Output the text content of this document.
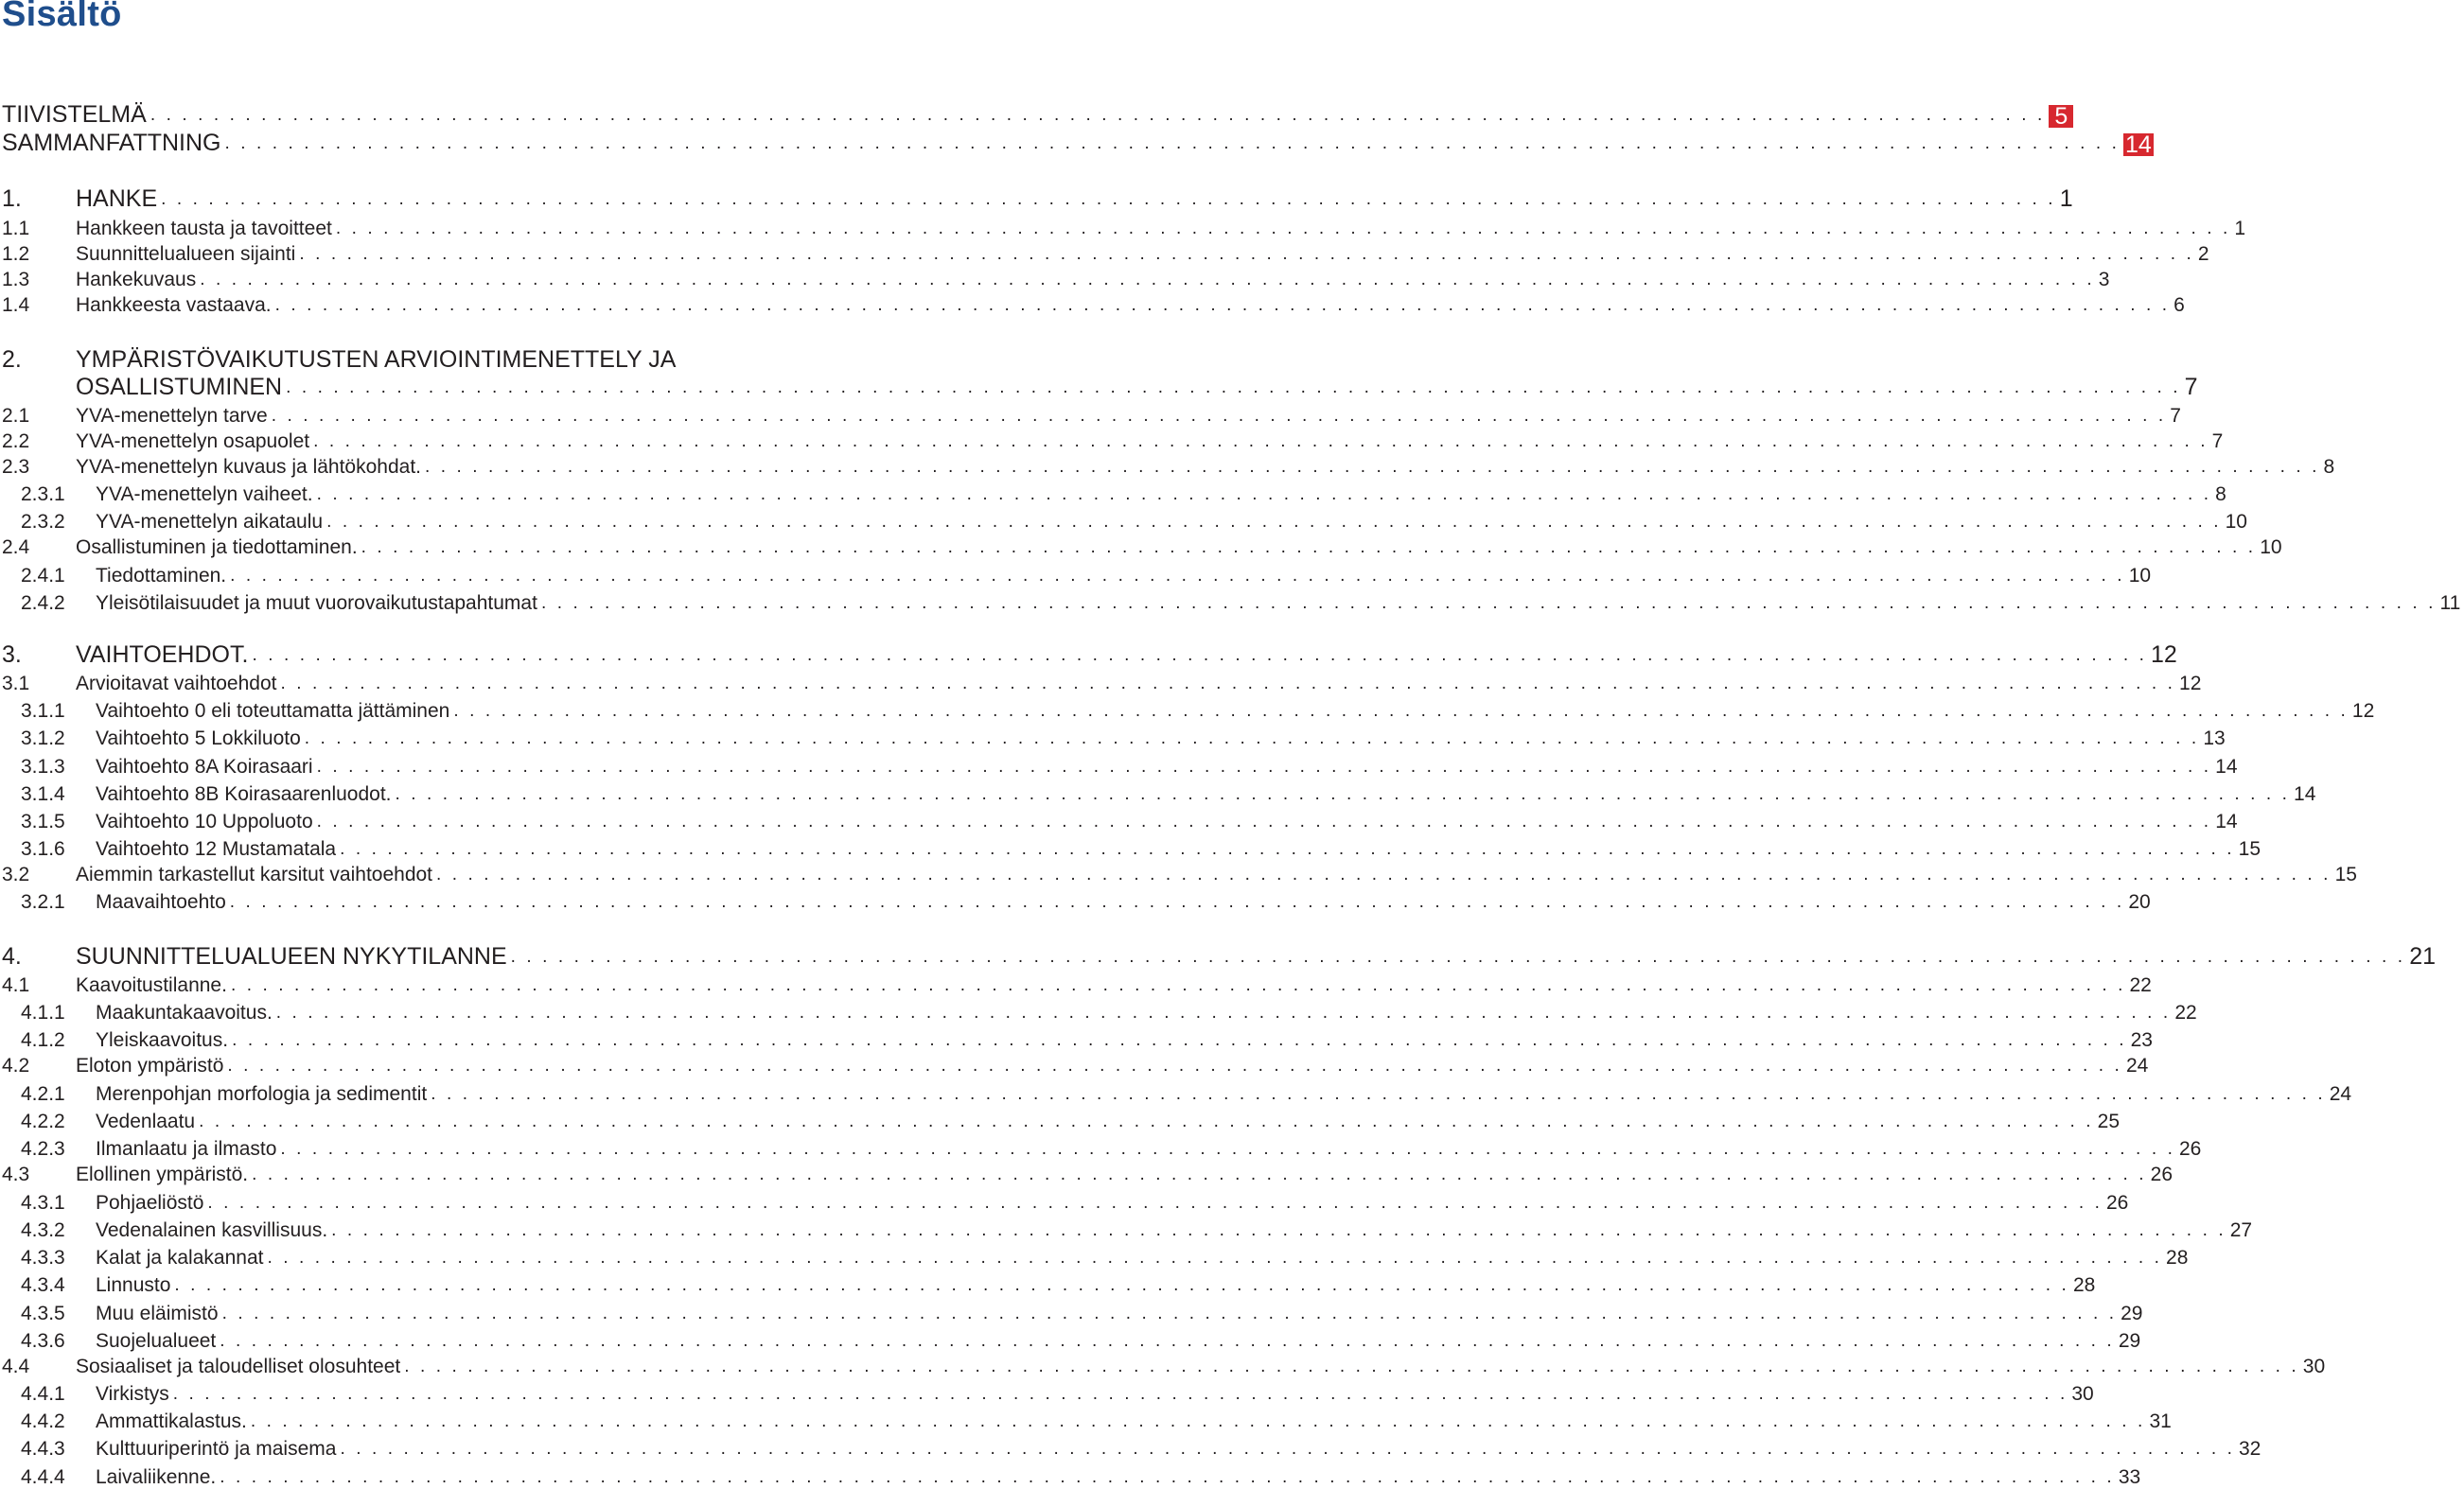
Sisältö
TIIVISTELMÄ . . . . . . . . . . . . . . . . . . . . . . . . . . . . . . . . . . . . . . . . . . . . . . . . . . . . . . . . . . . . . . . . . . . . . . . . . . . . . . . . . . . . . . . . . . . . . . . . . . . . . . . . . . . . . . . . . . . . . . . . 5
SAMMANFATTNING . . . . . . . . . . . . . . . . . . . . . . . . . . . . . . . . . . . . . . . . . . . . . . . . . . . . . . . . . . . . . . . . . . . . . . . . . . . . . . . . . . . . . . . . . . . . . . . . . . . . . . . . . . . . . . . . . . . . . . . . 14
1.	HANKE . . . . . . . . . . . . . . . . . . . . . . . . . . . . . . . . . . . . . . . . . . . . . . . . . . . . . . . . . . . . . . . . . . . . . . . . . . . . . . . . . . . . . . . . . . . . . . . . . . . . . . . . . . . . . . . . . . . . . . . . 1
1.1	Hankkeen tausta ja tavoitteet . . . . . . . . . . . . . . . . . . . . . . . . . . . . . . . . . . . . . . . . . . . . . . . . . . . . . . . . . . . . . . . . . . . . . . . . . . . . . . . . . . . . . . . . . . . . . . . . . . . . . . . . . . . . . . . . . . . . . . . . 1
1.2	Suunnittelualueen sijainti . . . . . . . . . . . . . . . . . . . . . . . . . . . . . . . . . . . . . . . . . . . . . . . . . . . . . . . . . . . . . . . . . . . . . . . . . . . . . . . . . . . . . . . . . . . . . . . . . . . . . . . . . . . . . . . . . . . . . . . . 2
1.3	Hankekuvaus . . . . . . . . . . . . . . . . . . . . . . . . . . . . . . . . . . . . . . . . . . . . . . . . . . . . . . . . . . . . . . . . . . . . . . . . . . . . . . . . . . . . . . . . . . . . . . . . . . . . . . . . . . . . . . . . . . . . . . . . 3
1.4	Hankkeesta vastaava. . . . . . . . . . . . . . . . . . . . . . . . . . . . . . . . . . . . . . . . . . . . . . . . . . . . . . . . . . . . . . . . . . . . . . . . . . . . . . . . . . . . . . . . . . . . . . . . . . . . . . . . . . . . . . . . . . . . . . . . . 6
2.	YMPÄRISTÖVAIKUTUSTEN ARVIOINTIMENETTELY JA
OSALLISTUMINEN . . . . . . . . . . . . . . . . . . . . . . . . . . . . . . . . . . . . . . . . . . . . . . . . . . . . . . . . . . . . . . . . . . . . . . . . . . . . . . . . . . . . . . . . . . . . . . . . . . . . . . . . . . . . . . . . . . . . . . . . 7
2.1	YVA-menettelyn tarve . . . . . . . . . . . . . . . . . . . . . . . . . . . . . . . . . . . . . . . . . . . . . . . . . . . . . . . . . . . . . . . . . . . . . . . . . . . . . . . . . . . . . . . . . . . . . . . . . . . . . . . . . . . . . . . . . . . . . . . . 7
2.2	YVA-menettelyn osapuolet . . . . . . . . . . . . . . . . . . . . . . . . . . . . . . . . . . . . . . . . . . . . . . . . . . . . . . . . . . . . . . . . . . . . . . . . . . . . . . . . . . . . . . . . . . . . . . . . . . . . . . . . . . . . . . . . . . . . . . . . 7
2.3	YVA-menettelyn kuvaus ja lähtökohdat. . . . . . . . . . . . . . . . . . . . . . . . . . . . . . . . . . . . . . . . . . . . . . . . . . . . . . . . . . . . . . . . . . . . . . . . . . . . . . . . . . . . . . . . . . . . . . . . . . . . . . . . . . . . . . . . . . . . . . . . . 8
2.3.1	YVA-menettelyn vaiheet. . . . . . . . . . . . . . . . . . . . . . . . . . . . . . . . . . . . . . . . . . . . . . . . . . . . . . . . . . . . . . . . . . . . . . . . . . . . . . . . . . . . . . . . . . . . . . . . . . . . . . . . . . . . . . . . . . . . . . . . . 8
2.3.2	YVA-menettelyn aikataulu . . . . . . . . . . . . . . . . . . . . . . . . . . . . . . . . . . . . . . . . . . . . . . . . . . . . . . . . . . . . . . . . . . . . . . . . . . . . . . . . . . . . . . . . . . . . . . . . . . . . . . . . . . . . . . . . . . . . . . . . 10
2.4	Osallistuminen ja tiedottaminen. . . . . . . . . . . . . . . . . . . . . . . . . . . . . . . . . . . . . . . . . . . . . . . . . . . . . . . . . . . . . . . . . . . . . . . . . . . . . . . . . . . . . . . . . . . . . . . . . . . . . . . . . . . . . . . . . . . . . . . . . 10
2.4.1	Tiedottaminen. . . . . . . . . . . . . . . . . . . . . . . . . . . . . . . . . . . . . . . . . . . . . . . . . . . . . . . . . . . . . . . . . . . . . . . . . . . . . . . . . . . . . . . . . . . . . . . . . . . . . . . . . . . . . . . . . . . . . . . . . 10
2.4.2	Yleisötilaisuudet ja muut vuorovaikutustapahtumat . . . . . . . . . . . . . . . . . . . . . . . . . . . . . . . . . . . . . . . . . . . . . . . . . . . . . . . . . . . . . . . . . . . . . . . . . . . . . . . . . . . . . . . . . . . . . . . . . . . . . . . . . . . . . . . . . . . . . . . . 11
3.	VAIHTOEHDOT. . . . . . . . . . . . . . . . . . . . . . . . . . . . . . . . . . . . . . . . . . . . . . . . . . . . . . . . . . . . . . . . . . . . . . . . . . . . . . . . . . . . . . . . . . . . . . . . . . . . . . . . . . . . . . . . . . . . . . . . . 12
3.1	Arvioitavat vaihtoehdot . . . . . . . . . . . . . . . . . . . . . . . . . . . . . . . . . . . . . . . . . . . . . . . . . . . . . . . . . . . . . . . . . . . . . . . . . . . . . . . . . . . . . . . . . . . . . . . . . . . . . . . . . . . . . . . . . . . . . . . . 12
3.1.1	Vaihtoehto 0 eli toteuttamatta jättäminen . . . . . . . . . . . . . . . . . . . . . . . . . . . . . . . . . . . . . . . . . . . . . . . . . . . . . . . . . . . . . . . . . . . . . . . . . . . . . . . . . . . . . . . . . . . . . . . . . . . . . . . . . . . . . . . . . . . . . . . . 12
3.1.2	Vaihtoehto 5 Lokkiluoto . . . . . . . . . . . . . . . . . . . . . . . . . . . . . . . . . . . . . . . . . . . . . . . . . . . . . . . . . . . . . . . . . . . . . . . . . . . . . . . . . . . . . . . . . . . . . . . . . . . . . . . . . . . . . . . . . . . . . . . . 13
3.1.3	Vaihtoehto 8A Koirasaari . . . . . . . . . . . . . . . . . . . . . . . . . . . . . . . . . . . . . . . . . . . . . . . . . . . . . . . . . . . . . . . . . . . . . . . . . . . . . . . . . . . . . . . . . . . . . . . . . . . . . . . . . . . . . . . . . . . . . . . . 14
3.1.4	Vaihtoehto 8B Koirasaarenluodot. . . . . . . . . . . . . . . . . . . . . . . . . . . . . . . . . . . . . . . . . . . . . . . . . . . . . . . . . . . . . . . . . . . . . . . . . . . . . . . . . . . . . . . . . . . . . . . . . . . . . . . . . . . . . . . . . . . . . . . . . 14
3.1.5	Vaihtoehto 10 Uppoluoto . . . . . . . . . . . . . . . . . . . . . . . . . . . . . . . . . . . . . . . . . . . . . . . . . . . . . . . . . . . . . . . . . . . . . . . . . . . . . . . . . . . . . . . . . . . . . . . . . . . . . . . . . . . . . . . . . . . . . . . . 14
3.1.6	Vaihtoehto 12 Mustamatala . . . . . . . . . . . . . . . . . . . . . . . . . . . . . . . . . . . . . . . . . . . . . . . . . . . . . . . . . . . . . . . . . . . . . . . . . . . . . . . . . . . . . . . . . . . . . . . . . . . . . . . . . . . . . . . . . . . . . . . . 15
3.2	Aiemmin tarkastellut karsitut vaihtoehdot . . . . . . . . . . . . . . . . . . . . . . . . . . . . . . . . . . . . . . . . . . . . . . . . . . . . . . . . . . . . . . . . . . . . . . . . . . . . . . . . . . . . . . . . . . . . . . . . . . . . . . . . . . . . . . . . . . . . . . . . 15
3.2.1	Maavaihtoehto . . . . . . . . . . . . . . . . . . . . . . . . . . . . . . . . . . . . . . . . . . . . . . . . . . . . . . . . . . . . . . . . . . . . . . . . . . . . . . . . . . . . . . . . . . . . . . . . . . . . . . . . . . . . . . . . . . . . . . . . 20
4.	SUUNNITTELUALUEEN NYKYTILANNE . . . . . . . . . . . . . . . . . . . . . . . . . . . . . . . . . . . . . . . . . . . . . . . . . . . . . . . . . . . . . . . . . . . . . . . . . . . . . . . . . . . . . . . . . . . . . . . . . . . . . . . . . . . . . . . . . . . . . . . . 21
4.1	Kaavoitustilanne. . . . . . . . . . . . . . . . . . . . . . . . . . . . . . . . . . . . . . . . . . . . . . . . . . . . . . . . . . . . . . . . . . . . . . . . . . . . . . . . . . . . . . . . . . . . . . . . . . . . . . . . . . . . . . . . . . . . . . . . . 22
4.1.1	Maakuntakaavoitus. . . . . . . . . . . . . . . . . . . . . . . . . . . . . . . . . . . . . . . . . . . . . . . . . . . . . . . . . . . . . . . . . . . . . . . . . . . . . . . . . . . . . . . . . . . . . . . . . . . . . . . . . . . . . . . . . . . . . . . . . 22
4.1.2	Yleiskaavoitus. . . . . . . . . . . . . . . . . . . . . . . . . . . . . . . . . . . . . . . . . . . . . . . . . . . . . . . . . . . . . . . . . . . . . . . . . . . . . . . . . . . . . . . . . . . . . . . . . . . . . . . . . . . . . . . . . . . . . . . . . 23
4.2	Eloton ympäristö . . . . . . . . . . . . . . . . . . . . . . . . . . . . . . . . . . . . . . . . . . . . . . . . . . . . . . . . . . . . . . . . . . . . . . . . . . . . . . . . . . . . . . . . . . . . . . . . . . . . . . . . . . . . . . . . . . . . . . . . 24
4.2.1	Merenpohjan morfologia ja sedimentit . . . . . . . . . . . . . . . . . . . . . . . . . . . . . . . . . . . . . . . . . . . . . . . . . . . . . . . . . . . . . . . . . . . . . . . . . . . . . . . . . . . . . . . . . . . . . . . . . . . . . . . . . . . . . . . . . . . . . . . . 24
4.2.2	Vedenlaatu . . . . . . . . . . . . . . . . . . . . . . . . . . . . . . . . . . . . . . . . . . . . . . . . . . . . . . . . . . . . . . . . . . . . . . . . . . . . . . . . . . . . . . . . . . . . . . . . . . . . . . . . . . . . . . . . . . . . . . . . 25
4.2.3	Ilmanlaatu ja ilmasto . . . . . . . . . . . . . . . . . . . . . . . . . . . . . . . . . . . . . . . . . . . . . . . . . . . . . . . . . . . . . . . . . . . . . . . . . . . . . . . . . . . . . . . . . . . . . . . . . . . . . . . . . . . . . . . . . . . . . . . . 26
4.3	Elollinen ympäristö. . . . . . . . . . . . . . . . . . . . . . . . . . . . . . . . . . . . . . . . . . . . . . . . . . . . . . . . . . . . . . . . . . . . . . . . . . . . . . . . . . . . . . . . . . . . . . . . . . . . . . . . . . . . . . . . . . . . . . . . . 26
4.3.1	Pohjaeliöstö . . . . . . . . . . . . . . . . . . . . . . . . . . . . . . . . . . . . . . . . . . . . . . . . . . . . . . . . . . . . . . . . . . . . . . . . . . . . . . . . . . . . . . . . . . . . . . . . . . . . . . . . . . . . . . . . . . . . . . . . 26
4.3.2	Vedenalainen kasvillisuus. . . . . . . . . . . . . . . . . . . . . . . . . . . . . . . . . . . . . . . . . . . . . . . . . . . . . . . . . . . . . . . . . . . . . . . . . . . . . . . . . . . . . . . . . . . . . . . . . . . . . . . . . . . . . . . . . . . . . . . . . 27
4.3.3	Kalat ja kalakannat . . . . . . . . . . . . . . . . . . . . . . . . . . . . . . . . . . . . . . . . . . . . . . . . . . . . . . . . . . . . . . . . . . . . . . . . . . . . . . . . . . . . . . . . . . . . . . . . . . . . . . . . . . . . . . . . . . . . . . . . 28
4.3.4	Linnusto . . . . . . . . . . . . . . . . . . . . . . . . . . . . . . . . . . . . . . . . . . . . . . . . . . . . . . . . . . . . . . . . . . . . . . . . . . . . . . . . . . . . . . . . . . . . . . . . . . . . . . . . . . . . . . . . . . . . . . . . 28
4.3.5	Muu eläimistö . . . . . . . . . . . . . . . . . . . . . . . . . . . . . . . . . . . . . . . . . . . . . . . . . . . . . . . . . . . . . . . . . . . . . . . . . . . . . . . . . . . . . . . . . . . . . . . . . . . . . . . . . . . . . . . . . . . . . . . . 29
4.3.6	Suojelualueet . . . . . . . . . . . . . . . . . . . . . . . . . . . . . . . . . . . . . . . . . . . . . . . . . . . . . . . . . . . . . . . . . . . . . . . . . . . . . . . . . . . . . . . . . . . . . . . . . . . . . . . . . . . . . . . . . . . . . . . . 29
4.4	Sosiaaliset ja taloudelliset olosuhteet . . . . . . . . . . . . . . . . . . . . . . . . . . . . . . . . . . . . . . . . . . . . . . . . . . . . . . . . . . . . . . . . . . . . . . . . . . . . . . . . . . . . . . . . . . . . . . . . . . . . . . . . . . . . . . . . . . . . . . . . 30
4.4.1	Virkistys . . . . . . . . . . . . . . . . . . . . . . . . . . . . . . . . . . . . . . . . . . . . . . . . . . . . . . . . . . . . . . . . . . . . . . . . . . . . . . . . . . . . . . . . . . . . . . . . . . . . . . . . . . . . . . . . . . . . . . . . 30
4.4.2	Ammattikalastus. . . . . . . . . . . . . . . . . . . . . . . . . . . . . . . . . . . . . . . . . . . . . . . . . . . . . . . . . . . . . . . . . . . . . . . . . . . . . . . . . . . . . . . . . . . . . . . . . . . . . . . . . . . . . . . . . . . . . . . . . 31
4.4.3	Kulttuuriperintö ja maisema . . . . . . . . . . . . . . . . . . . . . . . . . . . . . . . . . . . . . . . . . . . . . . . . . . . . . . . . . . . . . . . . . . . . . . . . . . . . . . . . . . . . . . . . . . . . . . . . . . . . . . . . . . . . . . . . . . . . . . . . 32
4.4.4	Laivaliikenne. . . . . . . . . . . . . . . . . . . . . . . . . . . . . . . . . . . . . . . . . . . . . . . . . . . . . . . . . . . . . . . . . . . . . . . . . . . . . . . . . . . . . . . . . . . . . . . . . . . . . . . . . . . . . . . . . . . . . . . . . 33
